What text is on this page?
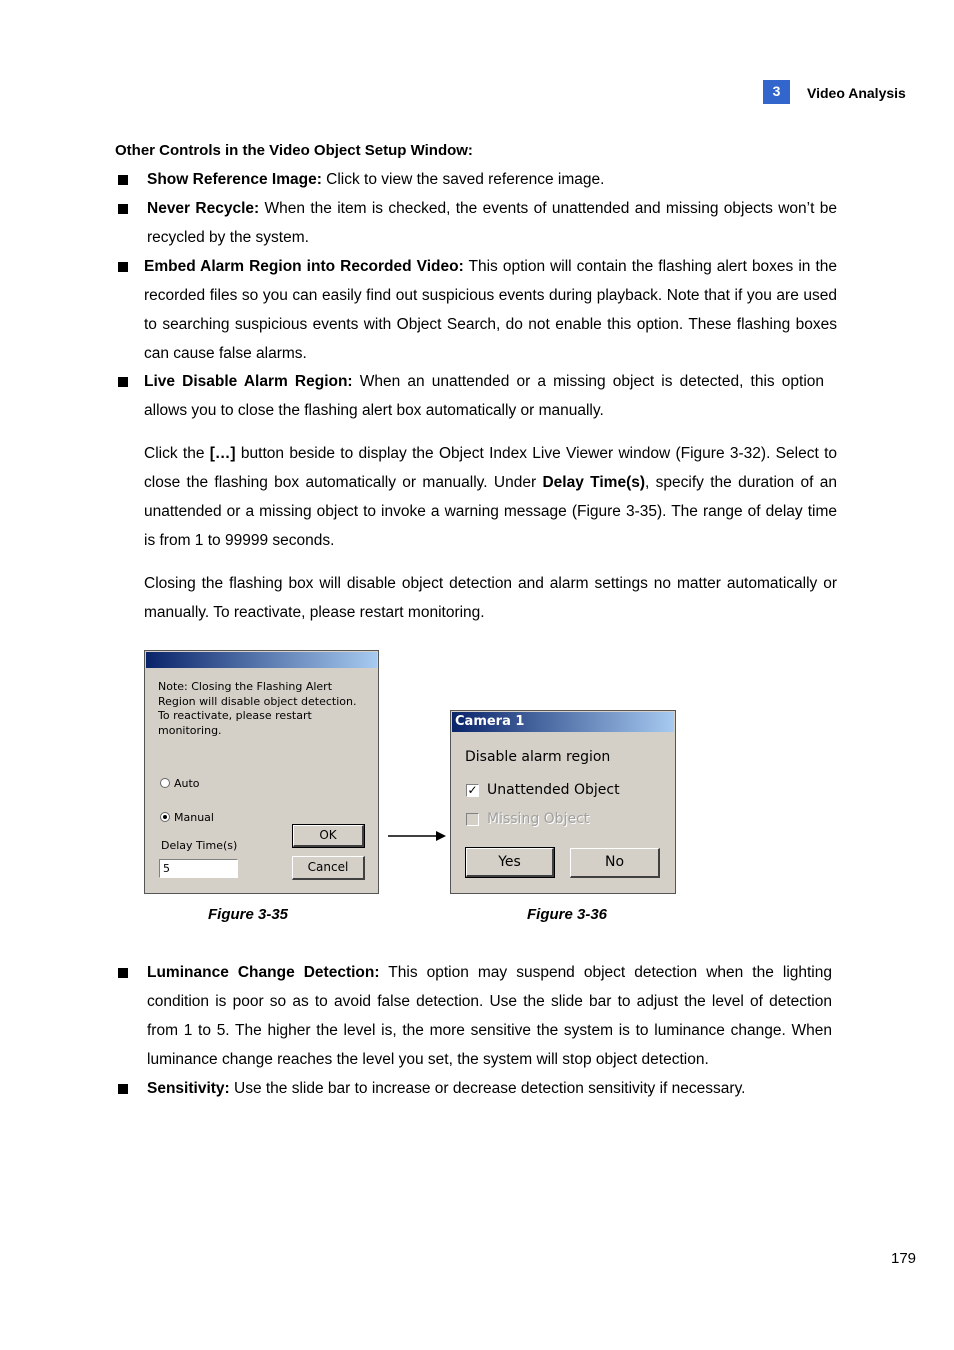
3	Video Analysis
Other Controls in the Video Object Setup Window:
Show Reference Image: Click to view the saved reference image.
Never Recycle: When the item is checked, the events of unattended and missing objects won’t be recycled by the system.
Embed Alarm Region into Recorded Video: This option will contain the flashing alert boxes in the recorded files so you can easily find out suspicious events during playback. Note that if you are used to searching suspicious events with Object Search, do not enable this option. These flashing boxes can cause false alarms.
Live Disable Alarm Region: When an unattended or a missing object is detected, this option allows you to close the flashing alert box automatically or manually.
Click the […] button beside to display the Object Index Live Viewer window (Figure 3-32). Select to close the flashing box automatically or manually. Under Delay Time(s), specify the duration of an unattended or a missing object to invoke a warning message (Figure 3-35). The range of delay time is from 1 to 99999 seconds.
Closing the flashing box will disable object detection and alarm settings no matter automatically or manually. To reactivate, please restart monitoring.
Note: Closing the Flashing Alert Region will disable object detection. To reactivate, please restart monitoring.
Auto
Manual
Delay Time(s)
5
OK
Cancel
Camera 1
Disable alarm region
✓ Unattended Object
Missing Object
Yes	No
Figure 3-35	Figure 3-36
Luminance Change Detection: This option may suspend object detection when the lighting condition is poor so as to avoid false detection. Use the slide bar to adjust the level of detection from 1 to 5. The higher the level is, the more sensitive the system is to luminance change. When luminance change reaches the level you set, the system will stop object detection.
Sensitivity: Use the slide bar to increase or decrease detection sensitivity if necessary.
179
